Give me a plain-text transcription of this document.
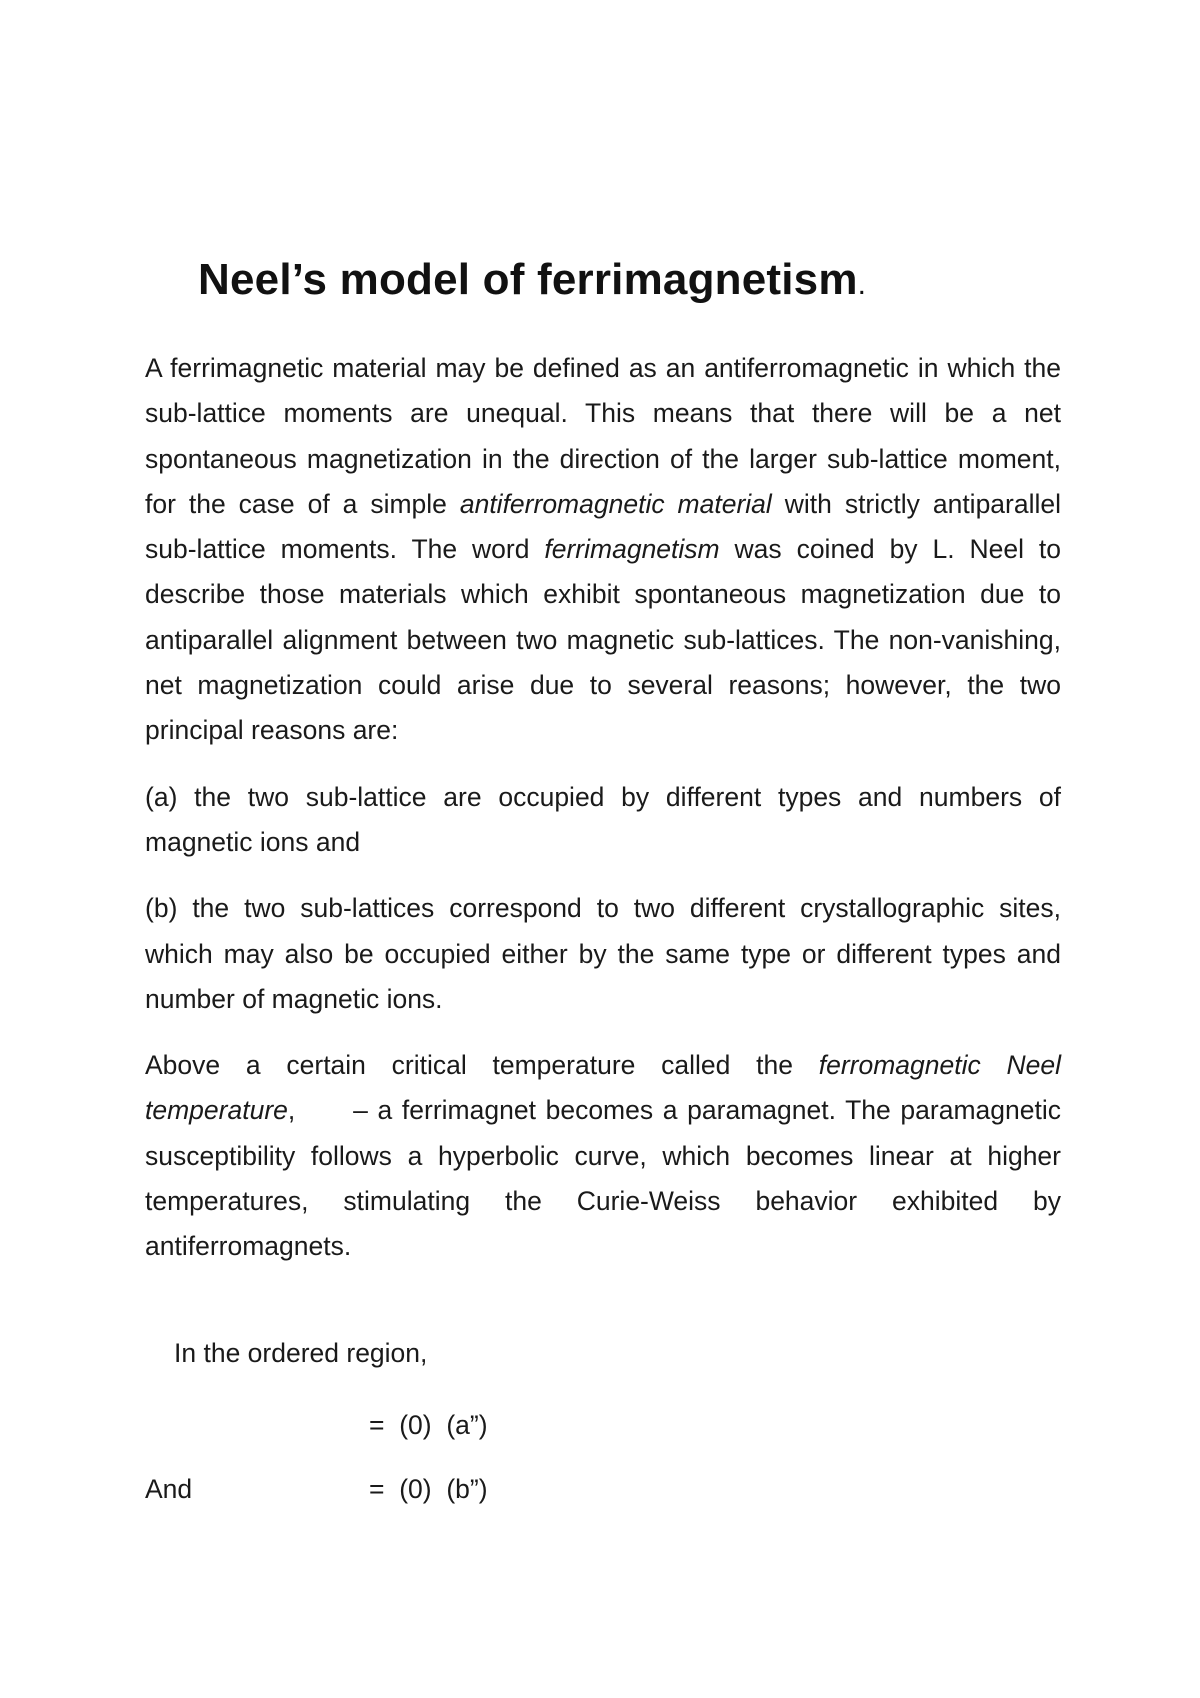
Neel’s model of ferrimagnetism.

A ferrimagnetic material may be defined as an antiferromagnetic in which the sub-lattice moments are unequal. This means that there will be a net spontaneous magnetization in the direction of the larger sub-lattice moment, for the case of a simple antiferromagnetic material with strictly antiparallel sub-lattice moments. The word ferrimagnetism was coined by L. Neel to describe those materials which exhibit spontaneous magnetization due to antiparallel alignment between two magnetic sub-lattices. The non-vanishing, net magnetization could arise due to several reasons; however, the two principal reasons are:

(a) the two sub-lattice are occupied by different types and numbers of magnetic ions and

(b) the two sub-lattices correspond to two different crystallographic sites, which may also be occupied either by the same type or different types and number of magnetic ions.

Above a certain critical temperature called the ferromagnetic Neel temperature,      – a ferrimagnet becomes a paramagnet. The paramagnetic susceptibility follows a hyperbolic curve, which becomes linear at higher temperatures, stimulating the Curie-Weiss behavior exhibited by antiferromagnets.

In the ordered region,
=  (0)  (a”)
And	=  (0)  (b”)
